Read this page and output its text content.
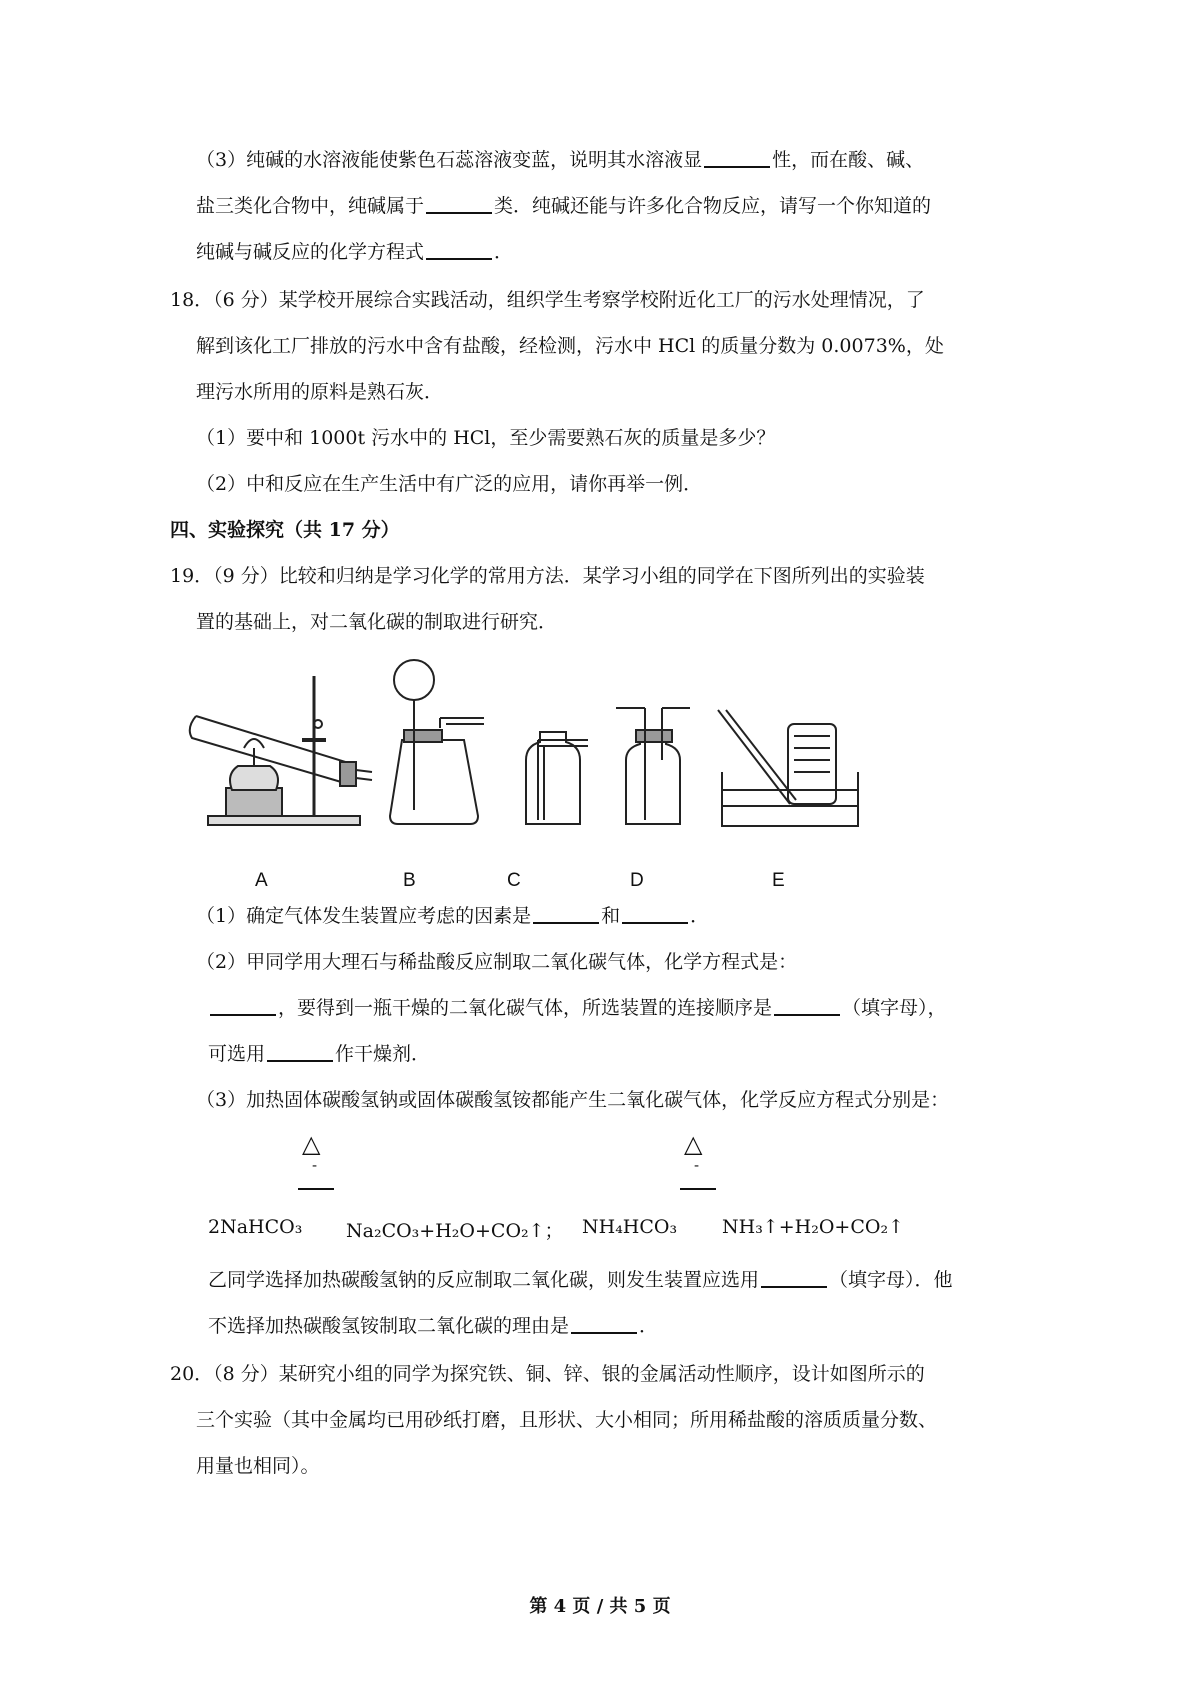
（3）纯碱的水溶液能使紫色石蕊溶液变蓝，说明其水溶液显	性，而在酸、碱、
盐三类化合物中，纯碱属于	类．纯碱还能与许多化合物反应，请写一个你知道的
纯碱与碱反应的化学方程式	．
18．（6 分）某学校开展综合实践活动，组织学生考察学校附近化工厂的污水处理情况，了
解到该化工厂排放的污水中含有盐酸，经检测，污水中 HCl 的质量分数为 0.0073%，处
理污水所用的原料是熟石灰．
（1）要中和 1000t 污水中的 HCl，至少需要熟石灰的质量是多少？
（2）中和反应在生产生活中有广泛的应用，请你再举一例．
四、实验探究（共 17 分）
19．（9 分）比较和归纳是学习化学的常用方法．某学习小组的同学在下图所列出的实验装
置的基础上，对二氧化碳的制取进行研究．
A	B	C	D	E
（1）确定气体发生装置应考虑的因素是	和	．
（2）甲同学用大理石与稀盐酸反应制取二氧化碳气体，化学方程式是：
，要得到一瓶干燥的二氧化碳气体，所选装置的连接顺序是	（填字母），
可选用	作干燥剂．
（3）加热固体碳酸氢钠或固体碳酸氢铵都能产生二氧化碳气体，化学反应方程式分别是：
△
-
△
-
2NaHCO₃ Na₂CO₃+H₂O+CO₂↑； NH₄HCO₃ NH₃↑+H₂O+CO₂↑
乙同学选择加热碳酸氢钠的反应制取二氧化碳，则发生装置应选用	（填字母）．他
不选择加热碳酸氢铵制取二氧化碳的理由是	．
20．（8 分）某研究小组的同学为探究铁、铜、锌、银的金属活动性顺序，设计如图所示的
三个实验（其中金属均已用砂纸打磨，且形状、大小相同；所用稀盐酸的溶质质量分数、
用量也相同）。
第 4 页 / 共 5 页
